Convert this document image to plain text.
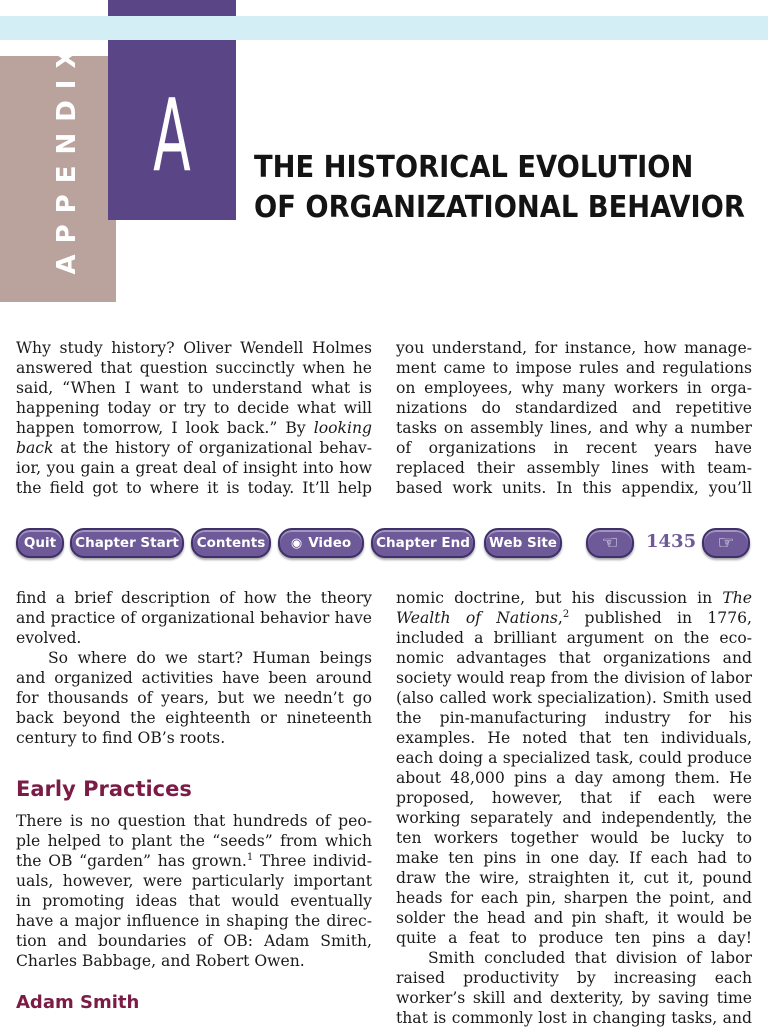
APPENDIX A	THE HISTORICAL EVOLUTION
OF ORGANIZATIONAL BEHAVIOR

Why study history? Oliver Wendell Holmes answered that question succinctly when he said, “When I want to understand what is happening today or try to decide what will happen tomorrow, I look back.” By looking back at the history of organizational behavior, you gain a great deal of insight into how the field got to where it is today. It’ll help

you understand, for instance, how management came to impose rules and regulations on employees, why many workers in organizations do standardized and repetitive tasks on assembly lines, and why a number of organizations in recent years have replaced their assembly lines with team-based work units. In this appendix, you’ll

Quit	Chapter Start	Contents	◉ Video	Chapter End	Web Site	☜	1435	☞

find a brief description of how the theory and practice of organizational behavior have evolved.

So where do we start? Human beings and organized activities have been around for thousands of years, but we needn’t go back beyond the eighteenth or nineteenth century to find OB’s roots.

Early Practices

There is no question that hundreds of people helped to plant the “seeds” from which the OB “garden” has grown.$^1$ Three individuals, however, were particularly important in promoting ideas that would eventually have a major influence in shaping the direction and boundaries of OB: Adam Smith, Charles Babbage, and Robert Owen.

Adam Smith

nomic doctrine, but his discussion in The Wealth of Nations,$^2$ published in 1776, included a brilliant argument on the economic advantages that organizations and society would reap from the division of labor (also called work specialization). Smith used the pin-manufacturing industry for his examples. He noted that ten individuals, each doing a specialized task, could produce about 48,000 pins a day among them. He proposed, however, that if each were working separately and independently, the ten workers together would be lucky to make ten pins in one day. If each had to draw the wire, straighten it, cut it, pound heads for each pin, sharpen the point, and solder the head and pin shaft, it would be quite a feat to produce ten pins a day!

Smith concluded that division of labor raised productivity by increasing each worker’s skill and dexterity, by saving time that is commonly lost in changing tasks, and
